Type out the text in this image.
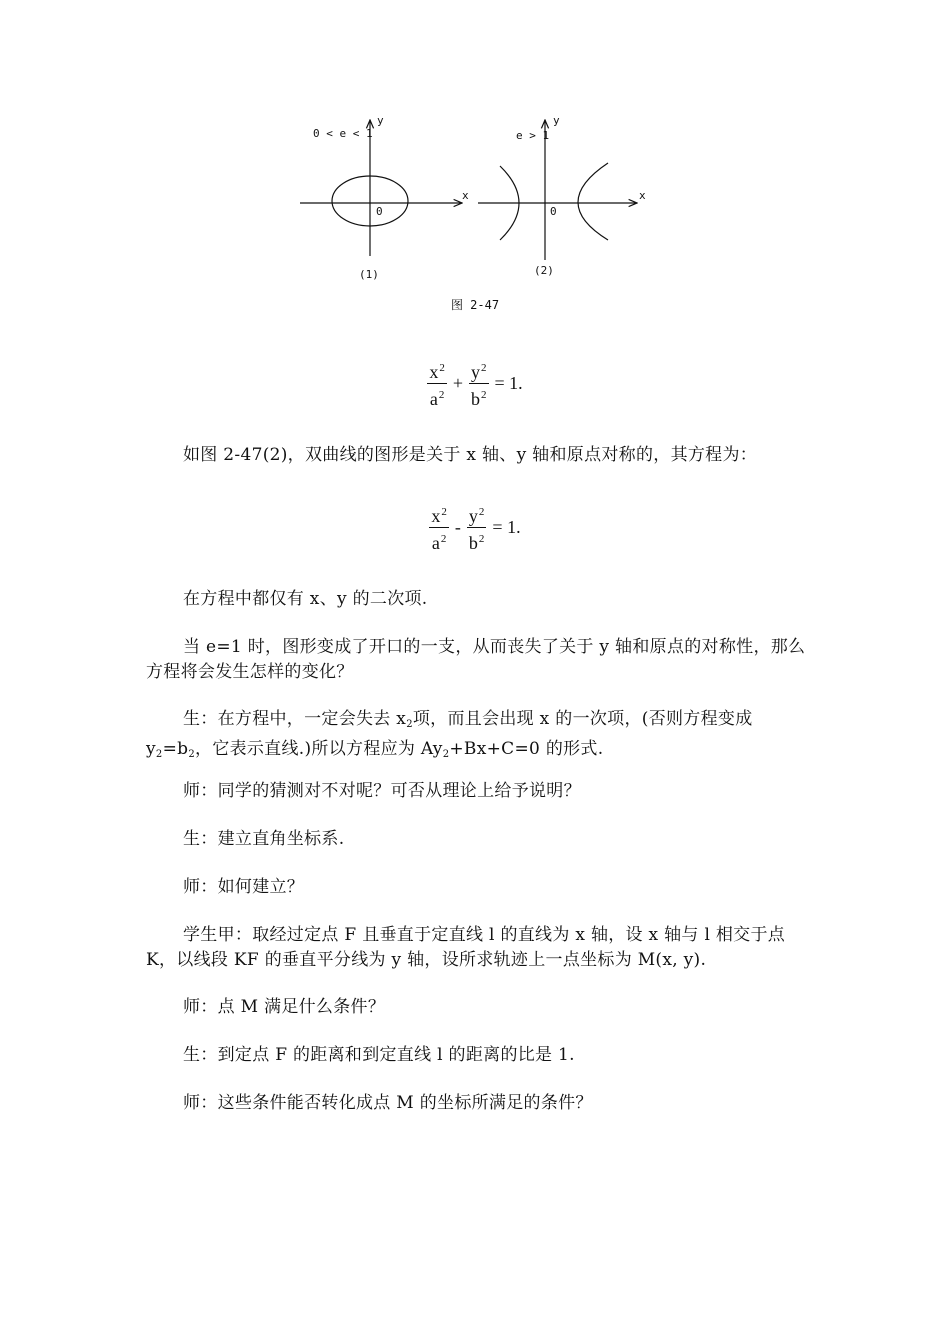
0 < e < 1
y
x
0
(1)
e > 1
y
x
0
(2)
图 2-47
$\frac{x^2}{a^2} + \frac{y^2}{b^2} = 1$.

如图 2-47(2)，双曲线的图形是关于 x 轴、y 轴和原点对称的，其方程为：

$\frac{x^2}{a^2} - \frac{y^2}{b^2} = 1$.

在方程中都仅有 x、y 的二次项.

当 e=1 时，图形变成了开口的一支，从而丧失了关于 y 轴和原点的对称性，那么方程将会发生怎样的变化？

生：在方程中，一定会失去 $x_2$项，而且会出现 x 的一次项，(否则方程变成 $y_2=b_2$，它表示直线.)所以方程应为 $Ay_2+Bx+C=0$ 的形式.

师：同学的猜测对不对呢？可否从理论上给予说明？

生：建立直角坐标系.

师：如何建立？

学生甲：取经过定点 F 且垂直于定直线 l 的直线为 x 轴，设 x 轴与 l 相交于点 K，以线段 KF 的垂直平分线为 y 轴，设所求轨迹上一点坐标为 M(x, y).

师：点 M 满足什么条件？

生：到定点 F 的距离和到定直线 l 的距离的比是 1.

师：这些条件能否转化成点 M 的坐标所满足的条件？
